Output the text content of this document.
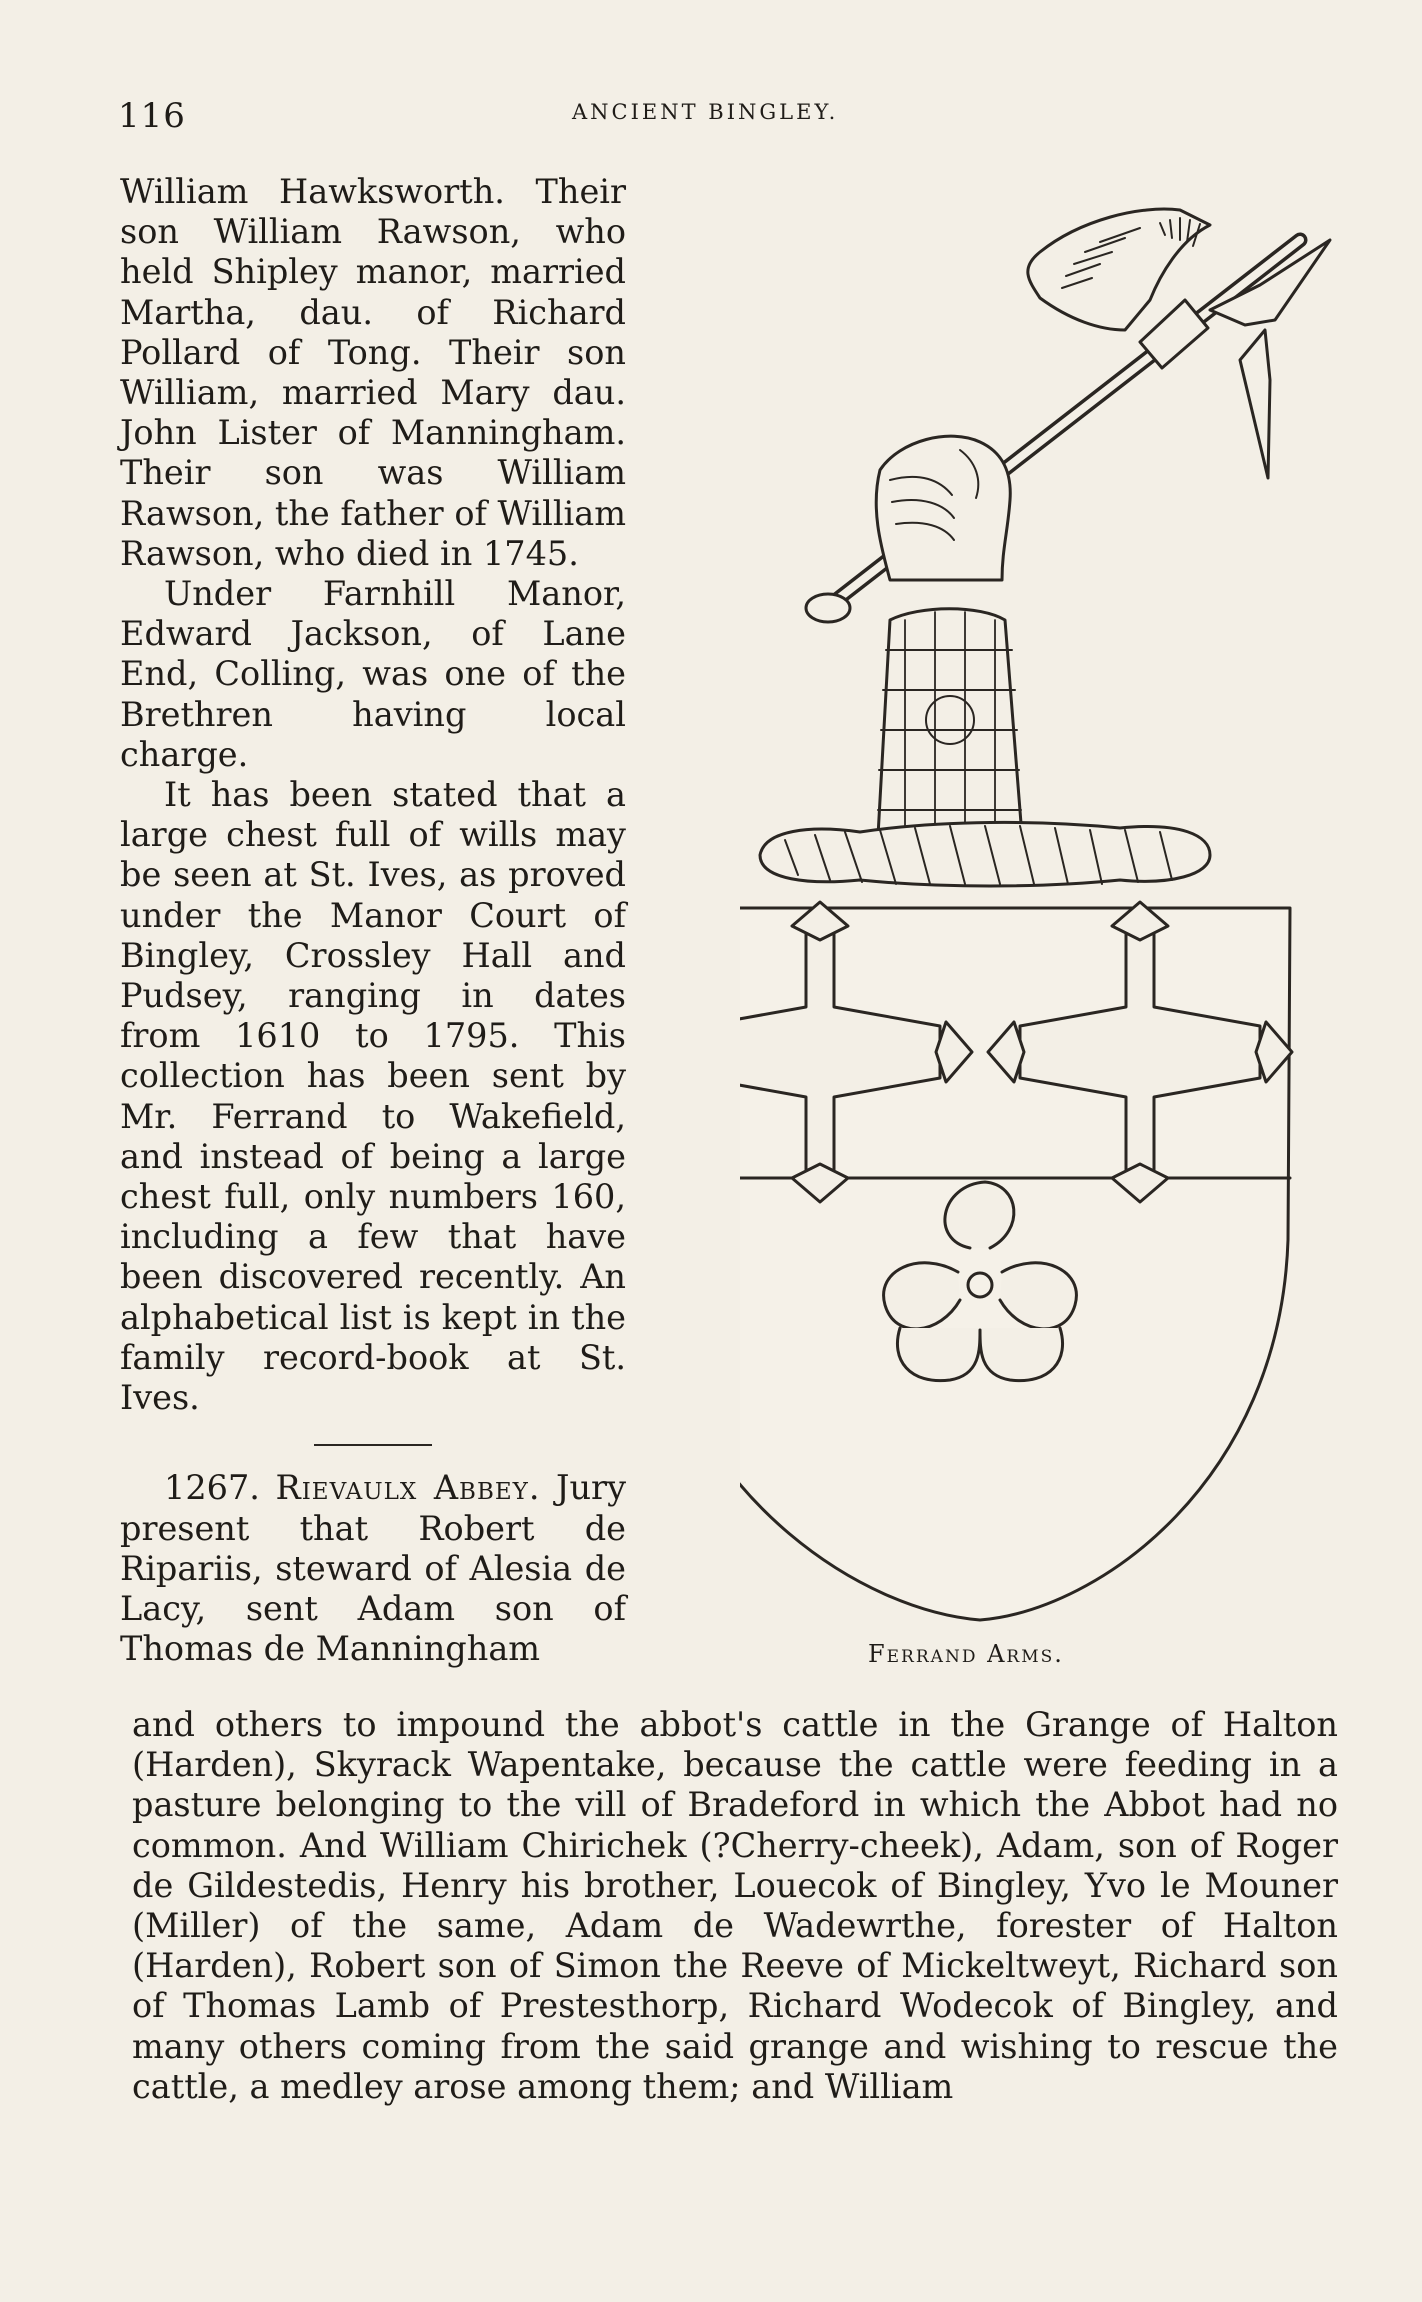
116	ANCIENT BINGLEY.

William Hawksworth. Their son William Rawson, who held Shipley manor, married Martha, dau. of Richard Pollard of Tong. Their son William, married Mary dau. John Lister of Manningham. Their son was William Rawson, the father of William Rawson, who died in 1745.

Under Farnhill Manor, Edward Jackson, of Lane End, Colling, was one of the Brethren having local charge.

It has been stated that a large chest full of wills may be seen at St. Ives, as proved under the Manor Court of Bingley, Crossley Hall and Pudsey, ranging in dates from 1610 to 1795. This collection has been sent by Mr. Ferrand to Wakefield, and instead of being a large chest full, only numbers 160, including a few that have been discovered recently. An alphabetical list is kept in the family record-book at St. Ives.

1267. Rievaulx Abbey. Jury present that Robert de Ripariis, steward of Alesia de Lacy, sent Adam son of Thomas de Manningham

and others to impound the abbot's cattle in the Grange of Halton (Harden), Skyrack Wapentake, because the cattle were feeding in a pasture belonging to the vill of Bradeford in which the Abbot had no common. And William Chirichek (?Cherry-cheek), Adam, son of Roger de Gildestedis, Henry his brother, Louecok of Bingley, Yvo le Mouner (Miller) of the same, Adam de Wadewrthe, forester of Halton (Harden), Robert son of Simon the Reeve of Mickeltweyt, Richard son of Thomas Lamb of Prestesthorp, Richard Wodecok of Bingley, and many others coming from the said grange and wishing to rescue the cattle, a medley arose among them; and William

Ferrand Arms.
